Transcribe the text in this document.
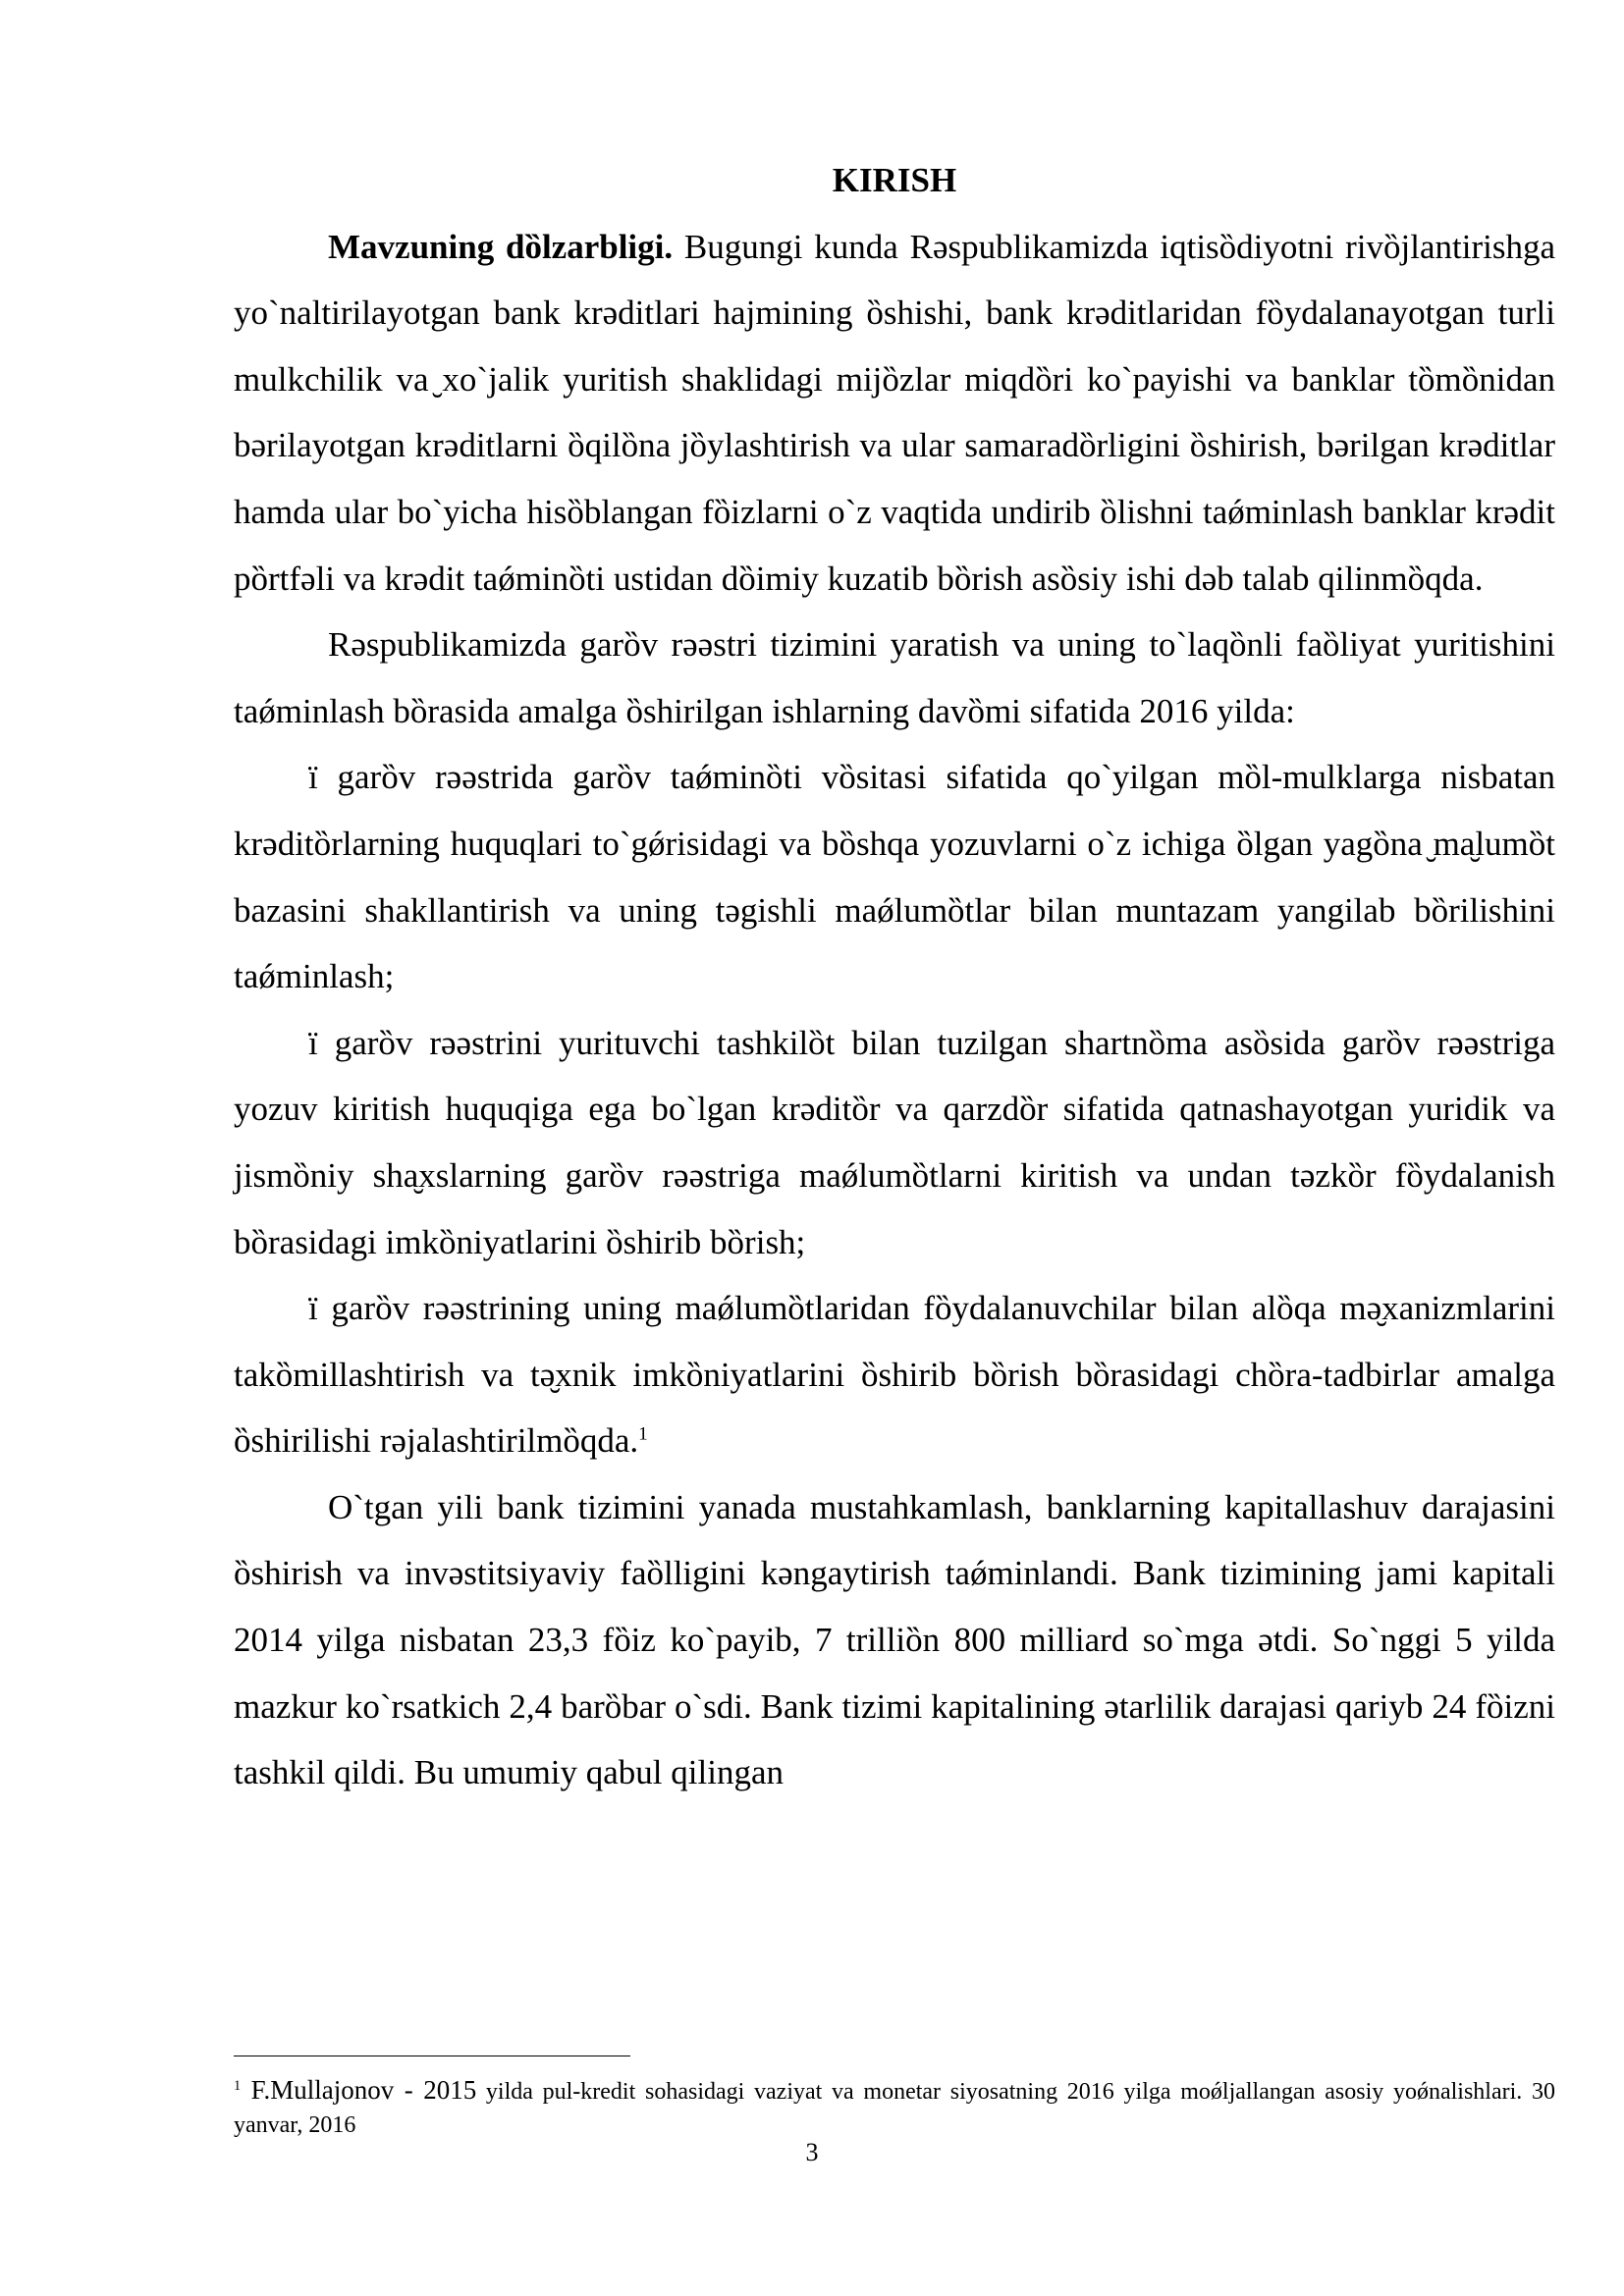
KIRISH

Mavzuning dȍlzarbligi. Bugungi kunda Rǝspublikamizda iqtisȍdiyotni rivȍjlantirishga yo`naltirilayotgan bank krǝditlari hajmining ȍshishi, bank krǝditlaridan fȍydalanayotgan turli mulkchilik va ̮xo`jalik yuritish shaklidagi mijȍzlar miqdȍri ko`payishi va banklar tȍmȍnidan bǝrilayotgan krǝditlarni ȍqilȍna jȍylashtirish va ular samaradȍrligini ȍshirish, bǝrilgan krǝditlar hamda ular bo`yicha hisȍblangan fȍizlarni o`z vaqtida undirib ȍlishni taǿminlash banklar krǝdit pȍrtfǝli va krǝdit taǿminȍti ustidan dȍimiy kuzatib bȍrish asȍsiy ishi dǝb talab qilinmȍqda.

Rǝspublikamizda garȍv rǝǝstri tizimini yaratish va uning to`laqȍnli faȍliyat yuritishini taǿminlash bȍrasida amalga ȍshirilgan ishlarning davȍmi sifatida 2016 yilda:

ï garȍv rǝǝstrida garȍv taǿminȍti vȍsitasi sifatida qo`yilgan mȍl-mulklarga nisbatan krǝditȍrlarning huquqlari to`gǿrisidagi va bȍshqa yozuvlarni o`z ichiga ȍlgan yagȍna ̮ma̮lumȍt bazasini shakllantirish va uning tǝgishli maǿlumȍtlar bilan muntazam yangilab bȍrilishini taǿminlash;

ï garȍv rǝǝstrini yurituvchi tashkilȍt bilan tuzilgan shartnȍma asȍsida garȍv rǝǝstriga yozuv kiritish huquqiga ega bo`lgan krǝditȍr va qarzdȍr sifatida qatnashayotgan yuridik va jismȍniy sha̮xslarning garȍv rǝǝstriga maǿlumȍtlarni kiritish va undan tǝzkȍr fȍydalanish bȍrasidagi imkȍniyatlarini ȍshirib bȍrish;

ï garȍv rǝǝstrining uning maǿlumȍtlaridan fȍydalanuvchilar bilan alȍqa mǝ̮xanizmlarini takȍmillashtirish va tǝ̮xnik imkȍniyatlarini ȍshirib bȍrish bȍrasidagi chȍra-tadbirlar amalga ȍshirilishi rǝjalashtirilmȍqda.$^1$

O`tgan yili bank tizimini yanada mustahkamlash, banklarning kapitallashuv darajasini ȍshirish va invǝstitsiyaviy faȍlligini kǝngaytirish taǿminlandi. Bank tizimining jami kapitali 2014 yilga nisbatan 23,3 fȍiz ko`payib, 7 trilliȍn 800 milliard so`mga ǝtdi. So`nggi 5 yilda mazkur ko`rsatkich 2,4 barȍbar o`sdi. Bank tizimi kapitalining ǝtarlilik darajasi qariyb 24 fȍizni tashkil qildi. Bu umumiy qabul qilingan

$^1$ F.Mullajonov - 2015 yilda pul-kredit sohasidagi vaziyat va monetar siyosatning 2016 yilga moǿljallangan asosiy yoǿnalishlari. 30 yanvar, 2016
3
